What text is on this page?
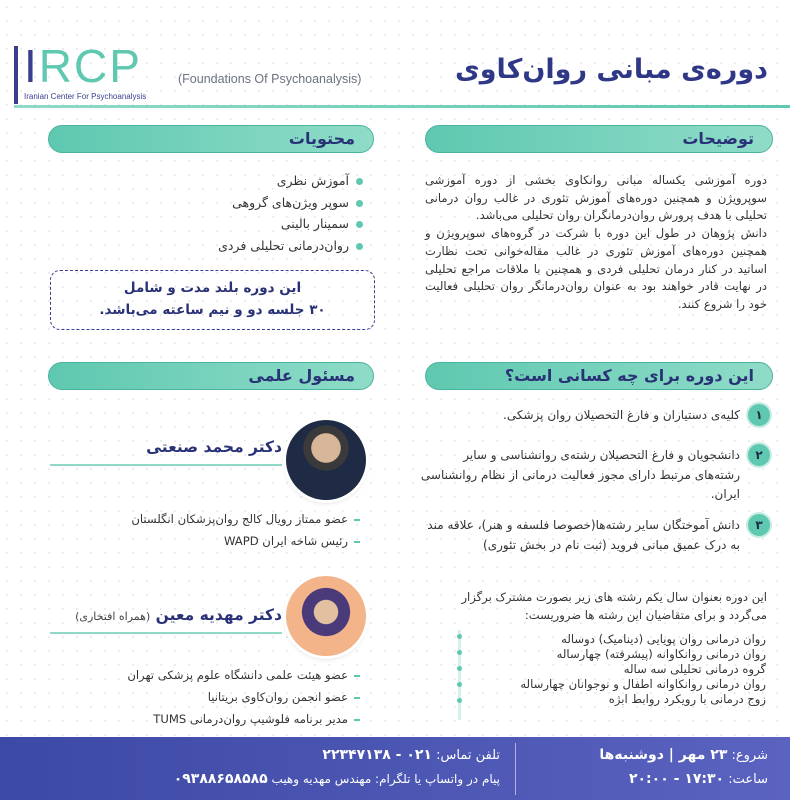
IRCP
Iranian Center For Psychoanalysis
(Foundations Of Psychoanalysis)	دوره‌ی مبانی روان‌کاوی
توضیحات
محتویات
این دوره برای چه کسانی است؟
مسئول علمی

دوره آموزشی یکساله مبانی روانکاوی بخشی از دوره آموزشی سوپرویژن و همچنین دوره‌های آموزش تئوری در غالب روان درمانی تحلیلی با هدف پرورش روان‌درمانگران روان تحلیلی می‌باشد.
دانش پژوهان در طول این دوره با شرکت در گروه‌های سوپرویژن و همچنین دوره‌های آموزش تئوری در غالب مقاله‌خوانی تحت نظارت اساتید در کنار درمان تحلیلی فردی و همچنین با ملاقات مراجع تحلیلی در نهایت قادر خواهند بود به عنوان روان‌درمانگر روان تحلیلی فعالیت خود را شروع کنند.

آموزش نظری
سوپر ویژن‌های گروهی
سمینار بالینی
روان‌درمانی تحلیلی فردی
این دوره بلند مدت و شامل
۳۰ جلسه دو و نیم ساعته می‌باشد.
۱
کلیه‌ی دستیاران و فارغ التحصیلان روان پزشکی.
۲
دانشجویان و فارغ التحصیلان رشته‌ی روانشناسی و سایر رشته‌های مرتبط دارای مجوز فعالیت درمانی از نظام روانشناسی ایران.
۳
دانش آموختگان سایر رشته‌ها(خصوصا فلسفه و هنر)، علاقه مند به درک عمیق مبانی فروید (ثبت نام در بخش تئوری)
این دوره بعنوان سال یکم رشته های زیر بصورت مشترک برگزار می‌گردد و برای متقاضیان این رشته ها ضروریست:
روان درمانی روان پویایی (دینامیک) دوساله
روان درمانی روانکاوانه (پیشرفته) چهارساله
گروه درمانی تحلیلی سه ساله
روان درمانی روانکاوانه اطفال و نوجوانان چهارساله
زوج درمانی با رویکرد روابط ابژه
دکتر محمد صنعتی
عضو ممتاز رویال کالج روان‌پزشکان انگلستان
رئیس شاخه ایران WAPD
دکتر مهدیه معین (همراه افتخاری)
عضو هیئت علمی دانشگاه علوم پزشکی تهران
عضو انجمن روان‌کاوی بریتانیا
مدیر برنامه فلوشیپ روان‌درمانی TUMS
شروع: ۲۳ مهر | دوشنبه‌ها
ساعت: ۱۷:۳۰ - ۲۰:۰۰
تلفن تماس: ۰۲۱ - ۲۲۳۴۷۱۳۸
پیام در واتساپ یا تلگرام: مهندس مهدیه وهیب ۰۹۳۸۸۶۵۸۵۸۵
